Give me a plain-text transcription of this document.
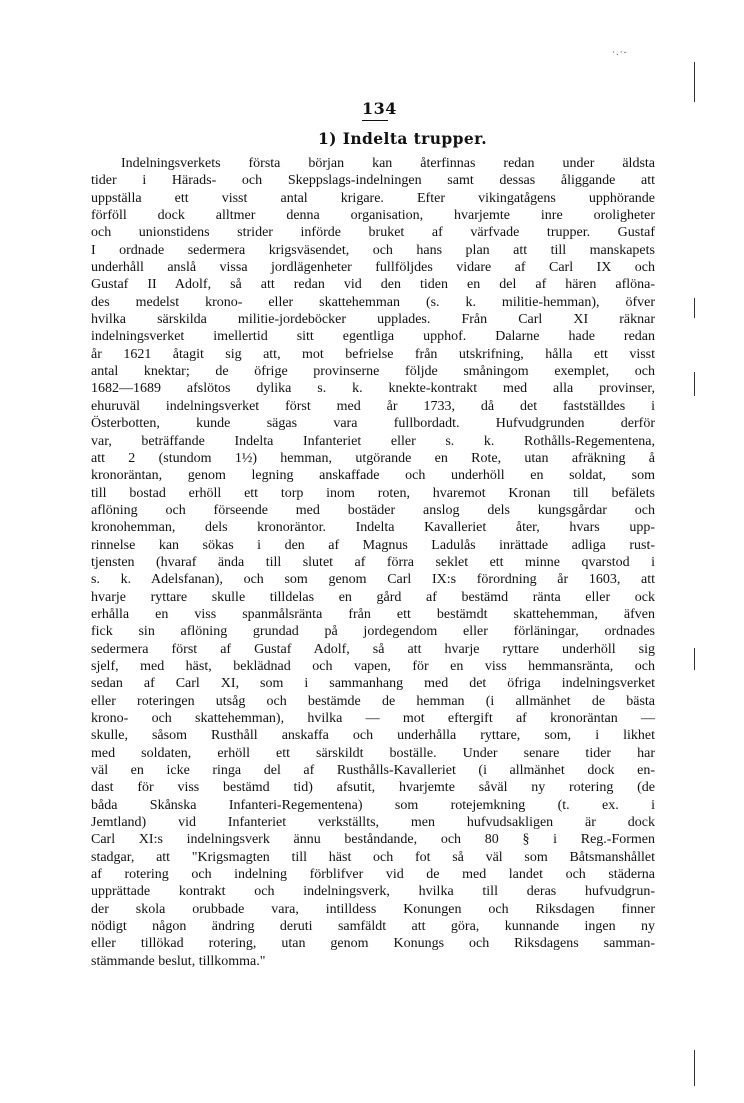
·.·-
134
1) Indelta trupper.
Indelningsverkets första början kan återfinnas redan under äldsta
tider i Härads- och Skeppslags-indelningen samt dessas åliggande att
uppställa ett visst antal krigare. Efter vikingatågens upphörande
förföll dock alltmer denna organisation, hvarjemte inre oroligheter
och unionstidens strider införde bruket af värfvade trupper. Gustaf
I ordnade sedermera krigsväsendet, och hans plan att till manskapets
underhåll anslå vissa jordlägenheter fullföljdes vidare af Carl IX och
Gustaf II Adolf, så att redan vid den tiden en del af hären aflöna-
des medelst krono- eller skattehemman (s. k. militie-hemman), öfver
hvilka särskilda militie-jordeböcker upplades. Från Carl XI räknar
indelningsverket imellertid sitt egentliga upphof. Dalarne hade redan
år 1621 åtagit sig att, mot befrielse från utskrifning, hålla ett visst
antal knektar; de öfrige provinserne följde småningom exemplet, och
1682—1689 afslötos dylika s. k. knekte-kontrakt med alla provinser,
ehuruväl indelningsverket först med år 1733, då det fastställdes i
Österbotten, kunde sägas vara fullbordadt. Hufvudgrunden derför
var, beträffande Indelta Infanteriet eller s. k. Rothålls-Regementena,
att 2 (stundom 1½) hemman, utgörande en Rote, utan afräkning å
kronoräntan, genom legning anskaffade och underhöll en soldat, som
till bostad erhöll ett torp inom roten, hvaremot Kronan till befälets
aflöning och förseende med bostäder anslog dels kungsgårdar och
kronohemman, dels kronoräntor. Indelta Kavalleriet åter, hvars upp-
rinnelse kan sökas i den af Magnus Ladulås inrättade adliga rust-
tjensten (hvaraf ända till slutet af förra seklet ett minne qvarstod i
s. k. Adelsfanan), och som genom Carl IX:s förordning år 1603, att
hvarje ryttare skulle tilldelas en gård af bestämd ränta eller ock
erhålla en viss spanmålsränta från ett bestämdt skattehemman, äfven
fick sin aflöning grundad på jordegendom eller förläningar, ordnades
sedermera först af Gustaf Adolf, så att hvarje ryttare underhöll sig
sjelf, med häst, beklädnad och vapen, för en viss hemmansränta, och
sedan af Carl XI, som i sammanhang med det öfriga indelningsverket
eller roteringen utsåg och bestämde de hemman (i allmänhet de bästa
krono- och skattehemman), hvilka — mot eftergift af kronoräntan —
skulle, såsom Rusthåll anskaffa och underhålla ryttare, som, i likhet
med soldaten, erhöll ett särskildt boställe. Under senare tider har
väl en icke ringa del af Rusthålls-Kavalleriet (i allmänhet dock en-
dast för viss bestämd tid) afsutit, hvarjemte såväl ny rotering (de
båda Skånska Infanteri-Regementena) som rotejemkning (t. ex. i
Jemtland) vid Infanteriet verkställts, men hufvudsakligen är dock
Carl XI:s indelningsverk ännu beståndande, och 80 § i Reg.-Formen
stadgar, att "Krigsmagten till häst och fot så väl som Båtsmanshållet
af rotering och indelning förblifver vid de med landet och städerna
upprättade kontrakt och indelningsverk, hvilka till deras hufvudgrun-
der skola orubbade vara, intilldess Konungen och Riksdagen finner
nödigt någon ändring deruti samfäldt att göra, kunnande ingen ny
eller tillökad rotering, utan genom Konungs och Riksdagens samman-
stämmande beslut, tillkomma."
